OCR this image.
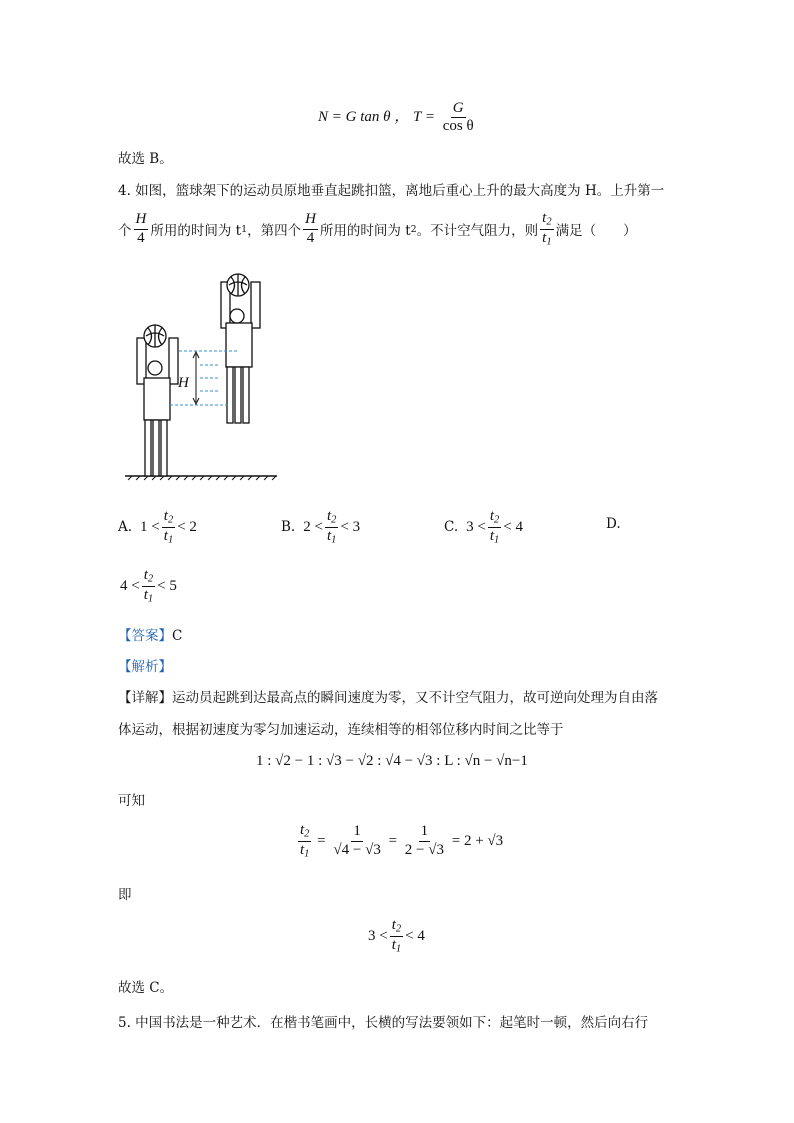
N = G tan θ ， $T = \frac{G}{\text{cos θ}}$
故选 B。
4. 如图，篮球架下的运动员原地垂直起跳扣篮，离地后重心上升的最大高度为 H。上升第一
个 $\frac{H}{4}$ 所用的时间为 t 1 ，第四个 $\frac{H}{4}$ 所用的时间为 t 2 。不计空气阻力，则 $\frac{t_2}{t_1}$ 满足（　　）
H
A. $1 < \frac{t_2}{t_1} < 2$	B. $2 < \frac{t_2}{t_1} < 3$	C. $3 < \frac{t_2}{t_1} < 4$	D.
$4 < \frac{t_2}{t_1} < 5$
【答案】C
【解析】
【详解】运动员起跳到达最高点的瞬间速度为零，又不计空气阻力，故可逆向处理为自由落
体运动，根据初速度为零匀加速运动，连续相等的相邻位移内时间之比等于
1 : √2 − 1 : √3 − √2 : √4 − √3 : L : √n − √n−1
可知
$\frac{t_2}{t_1} = \frac{1}{√4 - √3} = \frac{1}{2 - √3}$
= 2 + √3
即
$3 < \frac{t_2}{t_1} < 4$
故选 C。
5. 中国书法是一种艺术．在楷书笔画中，长横的写法要领如下：起笔时一顿，然后向右行
